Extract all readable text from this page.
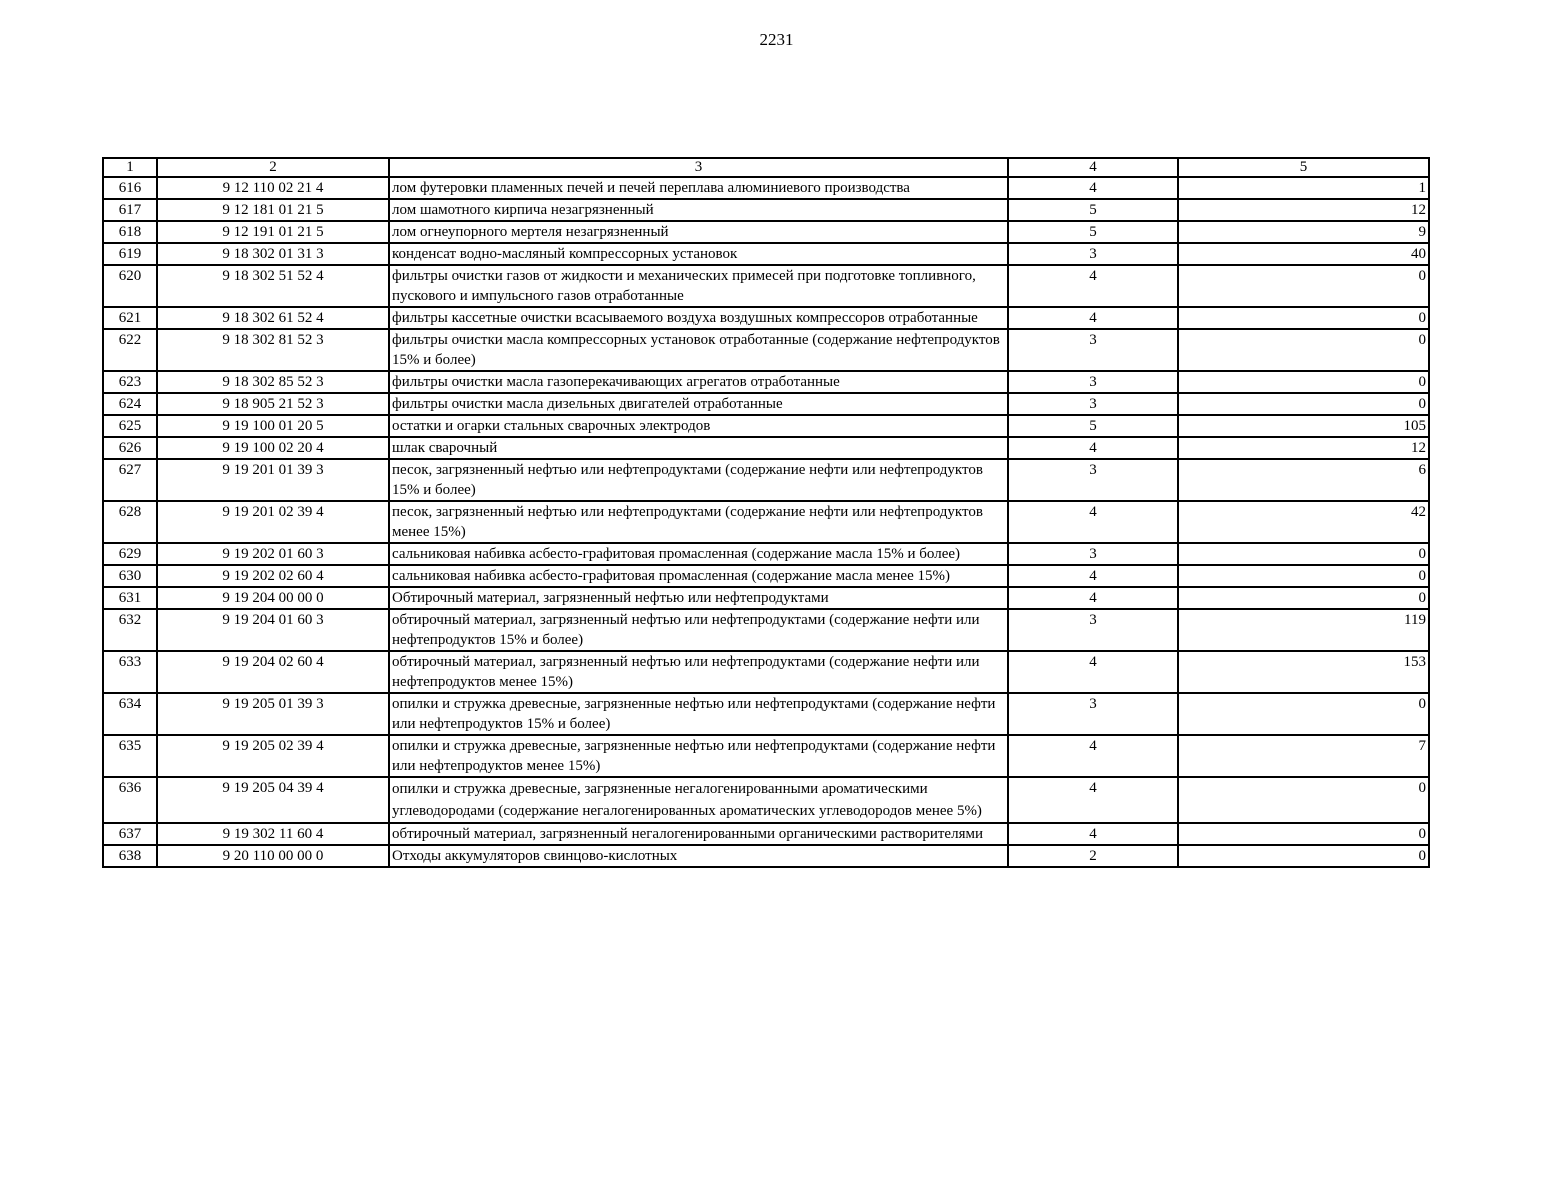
2231
1	2	3	4	5
616	9 12 110 02 21 4	лом футеровки пламенных печей и печей переплава алюминиевого производства	4	1
617	9 12 181 01 21 5	лом шамотного кирпича незагрязненный	5	12
618	9 12 191 01 21 5	лом огнеупорного мертеля незагрязненный	5	9
619	9 18 302 01 31 3	конденсат водно-масляный компрессорных установок	3	40
620	9 18 302 51 52 4	фильтры очистки газов от жидкости и механических примесей при подготовке топливного, пускового и импульсного газов отработанные	4	0
621	9 18 302 61 52 4	фильтры кассетные очистки всасываемого воздуха воздушных компрессоров отработанные	4	0
622	9 18 302 81 52 3	фильтры очистки масла компрессорных установок отработанные (содержание нефтепродуктов 15% и более)	3	0
623	9 18 302 85 52 3	фильтры очистки масла газоперекачивающих агрегатов отработанные	3	0
624	9 18 905 21 52 3	фильтры очистки масла дизельных двигателей отработанные	3	0
625	9 19 100 01 20 5	остатки и огарки стальных сварочных электродов	5	105
626	9 19 100 02 20 4	шлак сварочный	4	12
627	9 19 201 01 39 3	песок, загрязненный нефтью или нефтепродуктами (содержание нефти или нефтепродуктов 15% и более)	3	6
628	9 19 201 02 39 4	песок, загрязненный нефтью или нефтепродуктами (содержание нефти или нефтепродуктов менее 15%)	4	42
629	9 19 202 01 60 3	сальниковая набивка асбесто-графитовая промасленная (содержание масла 15% и более)	3	0
630	9 19 202 02 60 4	сальниковая набивка асбесто-графитовая промасленная (содержание масла менее 15%)	4	0
631	9 19 204 00 00 0	Обтирочный материал, загрязненный нефтью или нефтепродуктами	4	0
632	9 19 204 01 60 3	обтирочный материал, загрязненный нефтью или нефтепродуктами (содержание нефти или нефтепродуктов 15% и более)	3	119
633	9 19 204 02 60 4	обтирочный материал, загрязненный нефтью или нефтепродуктами (содержание нефти или нефтепродуктов менее 15%)	4	153
634	9 19 205 01 39 3	опилки и стружка древесные, загрязненные нефтью или нефтепродуктами (содержание нефти или нефтепродуктов 15% и более)	3	0
635	9 19 205 02 39 4	опилки и стружка древесные, загрязненные нефтью или нефтепродуктами (содержание нефти или нефтепродуктов менее 15%)	4	7
636	9 19 205 04 39 4	опилки и стружка древесные, загрязненные негалогенированными ароматическими углеводородами (содержание негалогенированных ароматических углеводородов менее 5%)	4	0
637	9 19 302 11 60 4	обтирочный материал, загрязненный негалогенированными органическими растворителями	4	0
638	9 20 110 00 00 0	Отходы аккумуляторов свинцово-кислотных	2	0
